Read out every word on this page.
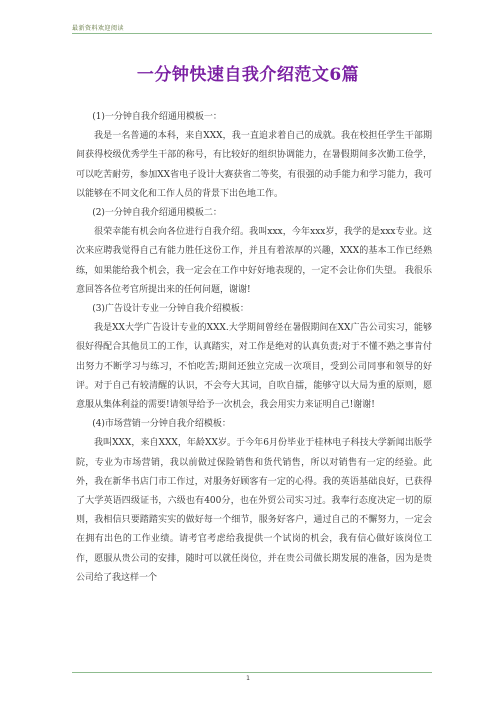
最新资料欢迎阅读
一分钟快速自我介绍范文6篇

(1)一分钟自我介绍通用模板一：

我是一名普通的本科，来自XXX，我一直追求着自己的成就。我在校担任学生干部期间获得校级优秀学生干部的称号，有比较好的组织协调能力，在暑假期间多次勤工俭学，可以吃苦耐劳，参加XX省电子设计大赛获省二等奖，有很强的动手能力和学习能力，我可以能够在不同文化和工作人员的背景下出色地工作。

(2)一分钟自我介绍通用模板二：

很荣幸能有机会向各位进行自我介绍。我叫xxx，今年xxx岁，我学的是xxx专业。这次来应聘我觉得自己有能力胜任这份工作，并且有着浓厚的兴趣，XXX的基本工作已经熟练，如果能给我个机会，我一定会在工作中好好地表现的，一定不会让你们失望。 我很乐意回答各位考官所提出来的任何问题，谢谢!

(3)广告设计专业一分钟自我介绍模板：

我是XX大学广告设计专业的XXX.大学期间曾经在暑假期间在XX广告公司实习，能够很好得配合其他员工的工作，认真踏实，对工作是绝对的认真负责;对于不懂不熟之事肯付出努力不断学习与练习，不怕吃苦;期间还独立完成一次项目，受到公司同事和领导的好评。对于自己有较清醒的认识，不会夸大其词，自吹自擂，能够守以大局为重的原则，愿意服从集体利益的需要!请领导给予一次机会，我会用实力来证明自己!谢谢!

(4)市场营销一分钟自我介绍模板：

我叫XXX，来自XXX，年龄XX岁。于今年6月份毕业于桂林电子科技大学新闻出版学院，专业为市场营销，我以前做过保险销售和货代销售，所以对销售有一定的经验。此外，我在新华书店门市工作过，对服务好顾客有一定的心得。我的英语基础良好，已获得了大学英语四级证书，六级也有400分，也在外贸公司实习过。我奉行态度决定一切的原则，我相信只要踏踏实实的做好每一个细节，服务好客户，通过自己的不懈努力，一定会在拥有出色的工作业绩。请考官考虑给我提供一个试岗的机会，我有信心做好该岗位工作，愿服从贵公司的安排，随时可以就任岗位，并在贵公司做长期发展的准备，因为是贵公司给了我这样一个

1
